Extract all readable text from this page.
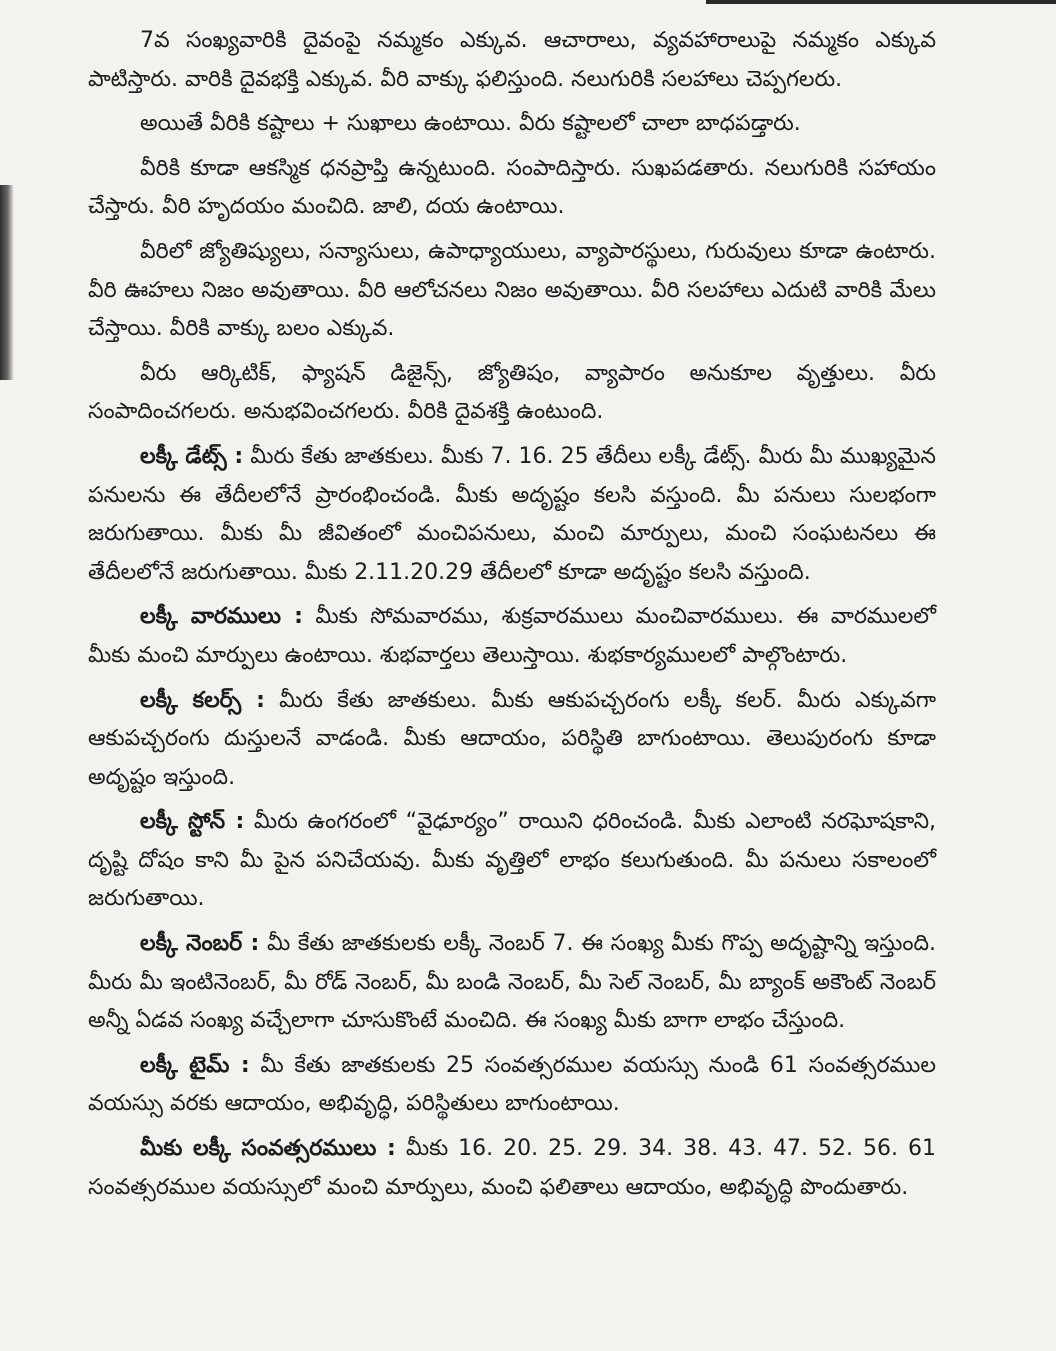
7వ సంఖ్యవారికి దైవంపై నమ్మకం ఎక్కువ. ఆచారాలు, వ్యవహారాలుపై నమ్మకం ఎక్కువ పాటిస్తారు. వారికి దైవభక్తి ఎక్కువ. వీరి వాక్కు ఫలిస్తుంది. నలుగురికి సలహాలు చెప్పగలరు.

అయితే వీరికి కష్టాలు + సుఖాలు ఉంటాయి. వీరు కష్టాలలో చాలా బాధపడ్తారు.

వీరికి కూడా ఆకస్మిక ధనప్రాప్తి ఉన్నటుంది. సంపాదిస్తారు. సుఖపడతారు. నలుగురికి సహాయం చేస్తారు. వీరి హృదయం మంచిది. జాలి, దయ ఉంటాయి.

వీరిలో జ్యోతిష్యులు, సన్యాసులు, ఉపాధ్యాయులు, వ్యాపారస్థులు, గురువులు కూడా ఉంటారు. వీరి ఊహలు నిజం అవుతాయి. వీరి ఆలోచనలు నిజం అవుతాయి. వీరి సలహాలు ఎదుటి వారికి మేలు చేస్తాయి. వీరికి వాక్కు బలం ఎక్కువ.

వీరు ఆర్కిటిక్, ఫ్యాషన్ డిజైన్స్, జ్యోతిషం, వ్యాపారం అనుకూల వృత్తులు. వీరు సంపాదించగలరు. అనుభవించగలరు. వీరికి దైవశక్తి ఉంటుంది.

లక్కీ డేట్స్ : మీరు కేతు జాతకులు. మీకు 7. 16. 25 తేదీలు లక్కీ డేట్స్. మీరు మీ ముఖ్యమైన పనులను ఈ తేదీలలోనే ప్రారంభించండి. మీకు అదృష్టం కలసి వస్తుంది. మీ పనులు సులభంగా జరుగుతాయి. మీకు మీ జీవితంలో మంచిపనులు, మంచి మార్పులు, మంచి సంఘటనలు ఈ తేదీలలోనే జరుగుతాయి. మీకు 2.11.20.29 తేదీలలో కూడా అదృష్టం కలసి వస్తుంది.

లక్కీ వారములు : మీకు సోమవారము, శుక్రవారములు మంచివారములు. ఈ వారములలో మీకు మంచి మార్పులు ఉంటాయి. శుభవార్తలు తెలుస్తాయి. శుభకార్యములలో పాల్గొంటారు.

లక్కీ కలర్స్ : మీరు కేతు జాతకులు. మీకు ఆకుపచ్చరంగు లక్కీ కలర్. మీరు ఎక్కువగా ఆకుపచ్చరంగు దుస్తులనే వాడండి. మీకు ఆదాయం, పరిస్థితి బాగుంటాయి. తెలుపురంగు కూడా అదృష్టం ఇస్తుంది.

లక్కీ స్టోన్ : మీరు ఉంగరంలో “వైఢూర్యం” రాయిని ధరించండి. మీకు ఎలాంటి నరఘోషకాని, దృష్టి దోషం కాని మీ పైన పనిచేయవు. మీకు వృత్తిలో లాభం కలుగుతుంది. మీ పనులు సకాలంలో జరుగుతాయి.

లక్కీ నెంబర్ : మీ కేతు జాతకులకు లక్కీ నెంబర్ 7. ఈ సంఖ్య మీకు గొప్ప అదృష్టాన్ని ఇస్తుంది. మీరు మీ ఇంటినెంబర్, మీ రోడ్ నెంబర్, మీ బండి నెంబర్, మీ సెల్ నెంబర్, మీ బ్యాంక్ అకౌంట్ నెంబర్ అన్నీ ఏడవ సంఖ్య వచ్చేలాగా చూసుకొంటే మంచిది. ఈ సంఖ్య మీకు బాగా లాభం చేస్తుంది.

లక్కీ టైమ్ : మీ కేతు జాతకులకు 25 సంవత్సరముల వయస్సు నుండి 61 సంవత్సరముల వయస్సు వరకు ఆదాయం, అభివృద్ధి, పరిస్థితులు బాగుంటాయి.

మీకు లక్కీ సంవత్సరములు : మీకు 16. 20. 25. 29. 34. 38. 43. 47. 52. 56. 61 సంవత్సరముల వయస్సులో మంచి మార్పులు, మంచి ఫలితాలు ఆదాయం, అభివృద్ధి పొందుతారు.
